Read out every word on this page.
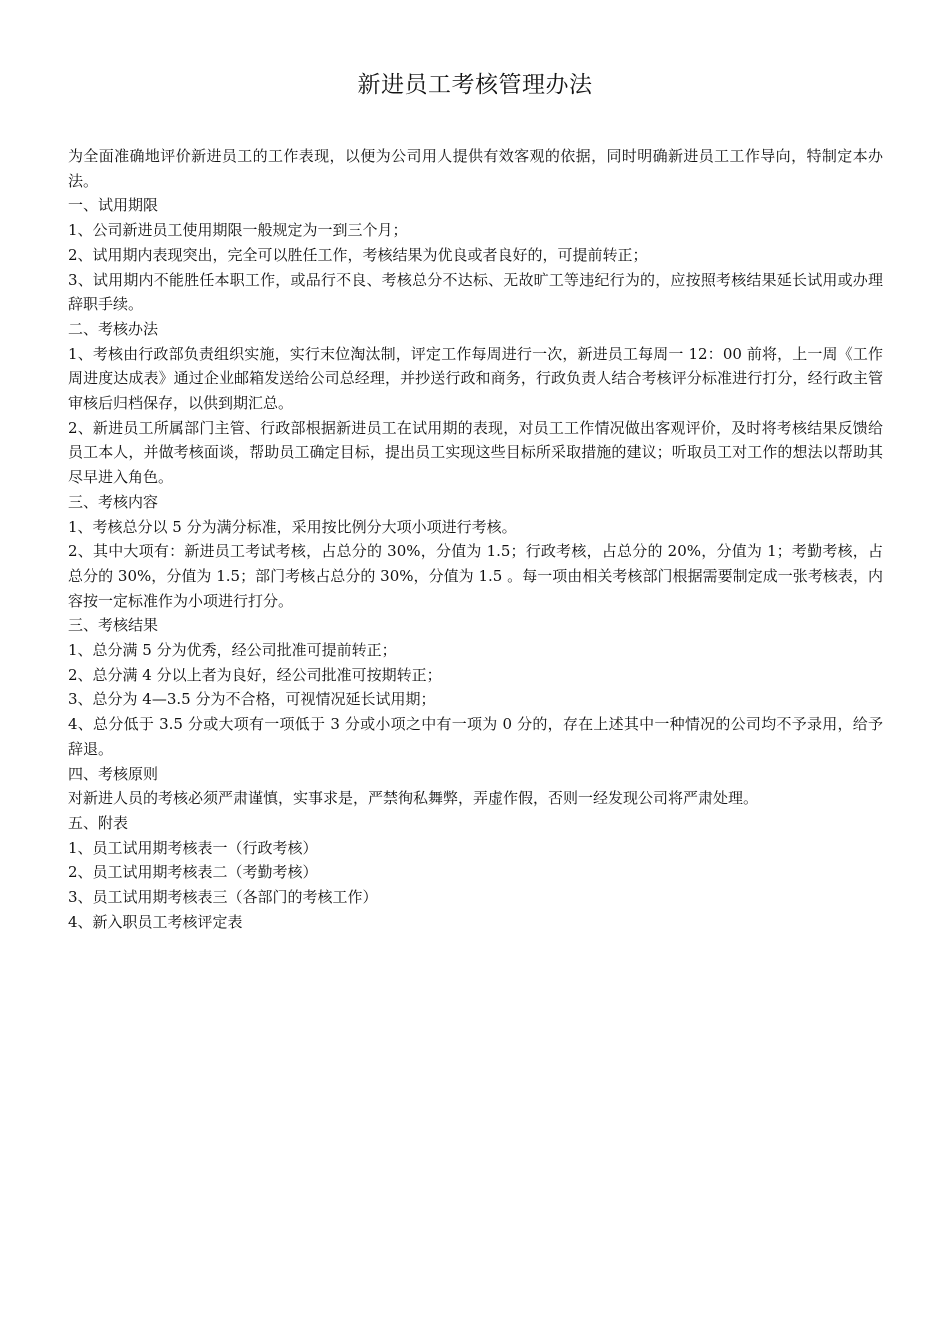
新进员工考核管理办法

为全面准确地评价新进员工的工作表现，以便为公司用人提供有效客观的依据，同时明确新进员工工作导向，特制定本办法。

一、试用期限

1、公司新进员工使用期限一般规定为一到三个月；

2、试用期内表现突出，完全可以胜任工作，考核结果为优良或者良好的，可提前转正；

3、试用期内不能胜任本职工作，或品行不良、考核总分不达标、无故旷工等违纪行为的，应按照考核结果延长试用或办理辞职手续。

二、考核办法

1、考核由行政部负责组织实施，实行末位淘汰制，评定工作每周进行一次，新进员工每周一 12：00 前将，上一周《工作周进度达成表》通过企业邮箱发送给公司总经理，并抄送行政和商务，行政负责人结合考核评分标准进行打分，经行政主管审核后归档保存，以供到期汇总。

2、新进员工所属部门主管、行政部根据新进员工在试用期的表现，对员工工作情况做出客观评价，及时将考核结果反馈给员工本人，并做考核面谈，帮助员工确定目标，提出员工实现这些目标所采取措施的建议；听取员工对工作的想法以帮助其尽早进入角色。

三、考核内容

1、考核总分以 5 分为满分标准，采用按比例分大项小项进行考核。

2、其中大项有：新进员工考试考核，占总分的 30%，分值为 1.5；行政考核，占总分的 20%，分值为 1；考勤考核，占总分的 30%，分值为 1.5；部门考核占总分的 30%，分值为 1.5 。每一项由相关考核部门根据需要制定成一张考核表，内容按一定标准作为小项进行打分。

三、考核结果

1、总分满 5 分为优秀，经公司批准可提前转正；

2、总分满 4 分以上者为良好，经公司批准可按期转正；

3、总分为 4—3.5 分为不合格，可视情况延长试用期；

4、总分低于 3.5 分或大项有一项低于 3 分或小项之中有一项为 0 分的，存在上述其中一种情况的公司均不予录用，给予辞退。

四、考核原则

对新进人员的考核必须严肃谨慎，实事求是，严禁徇私舞弊，弄虚作假，否则一经发现公司将严肃处理。

五、附表

1、员工试用期考核表一（行政考核）

2、员工试用期考核表二（考勤考核）

3、员工试用期考核表三（各部门的考核工作）

4、新入职员工考核评定表
